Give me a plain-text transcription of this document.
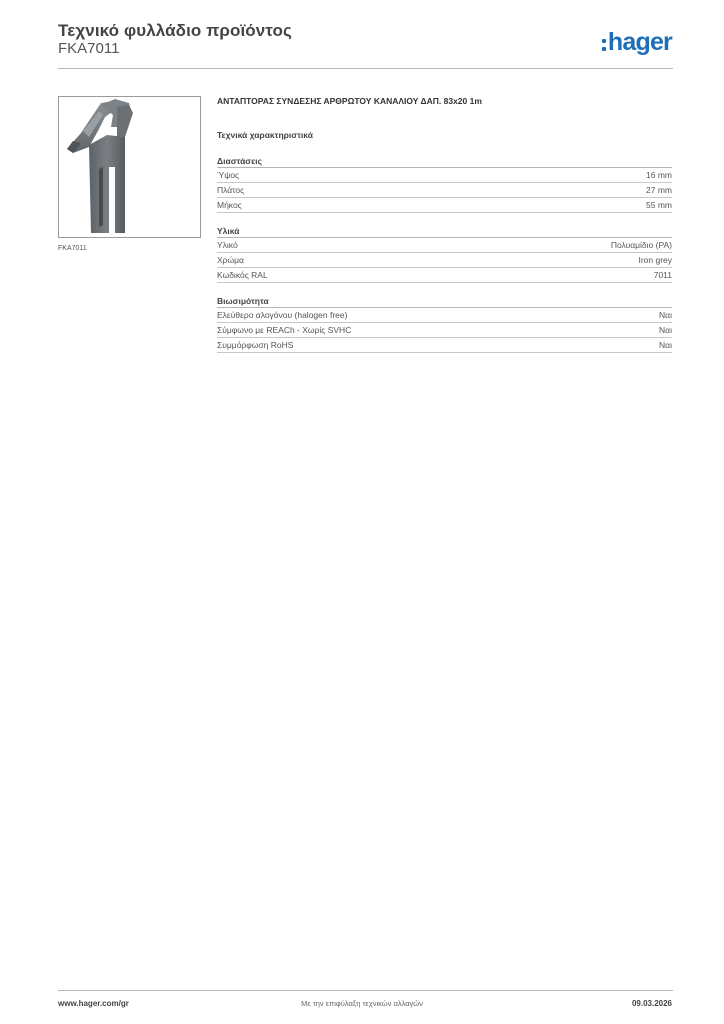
Τεχνικό φυλλάδιο προϊόντος
FKA7011	hager
FKA7011
ΑΝΤΑΠΤΟΡΑΣ ΣΥΝΔΕΣΗΣ ΑΡΘΡΩΤΟΥ ΚΑΝΑΛΙΟΥ ΔΑΠ. 83x20 1m
Τεχνικά χαρακτηριστικά
Διαστάσεις
Ύψος	16 mm
Πλάτος	27 mm
Μήκος	55 mm
Υλικά
Υλικό	Πολυαμίδιο (PA)
Χρώμα	Iron grey
Κωδικός RAL	7011
Βιωσιμότητα
Ελεύθερο αλογόνου (halogen free)	Ναι
Σύμφωνο με REACh - Χωρίς SVHC	Ναι
Συμμόρφωση RoHS	Ναι
www.hager.com/gr	Με την επιφύλαξη τεχνικών αλλαγών	09.03.2026
